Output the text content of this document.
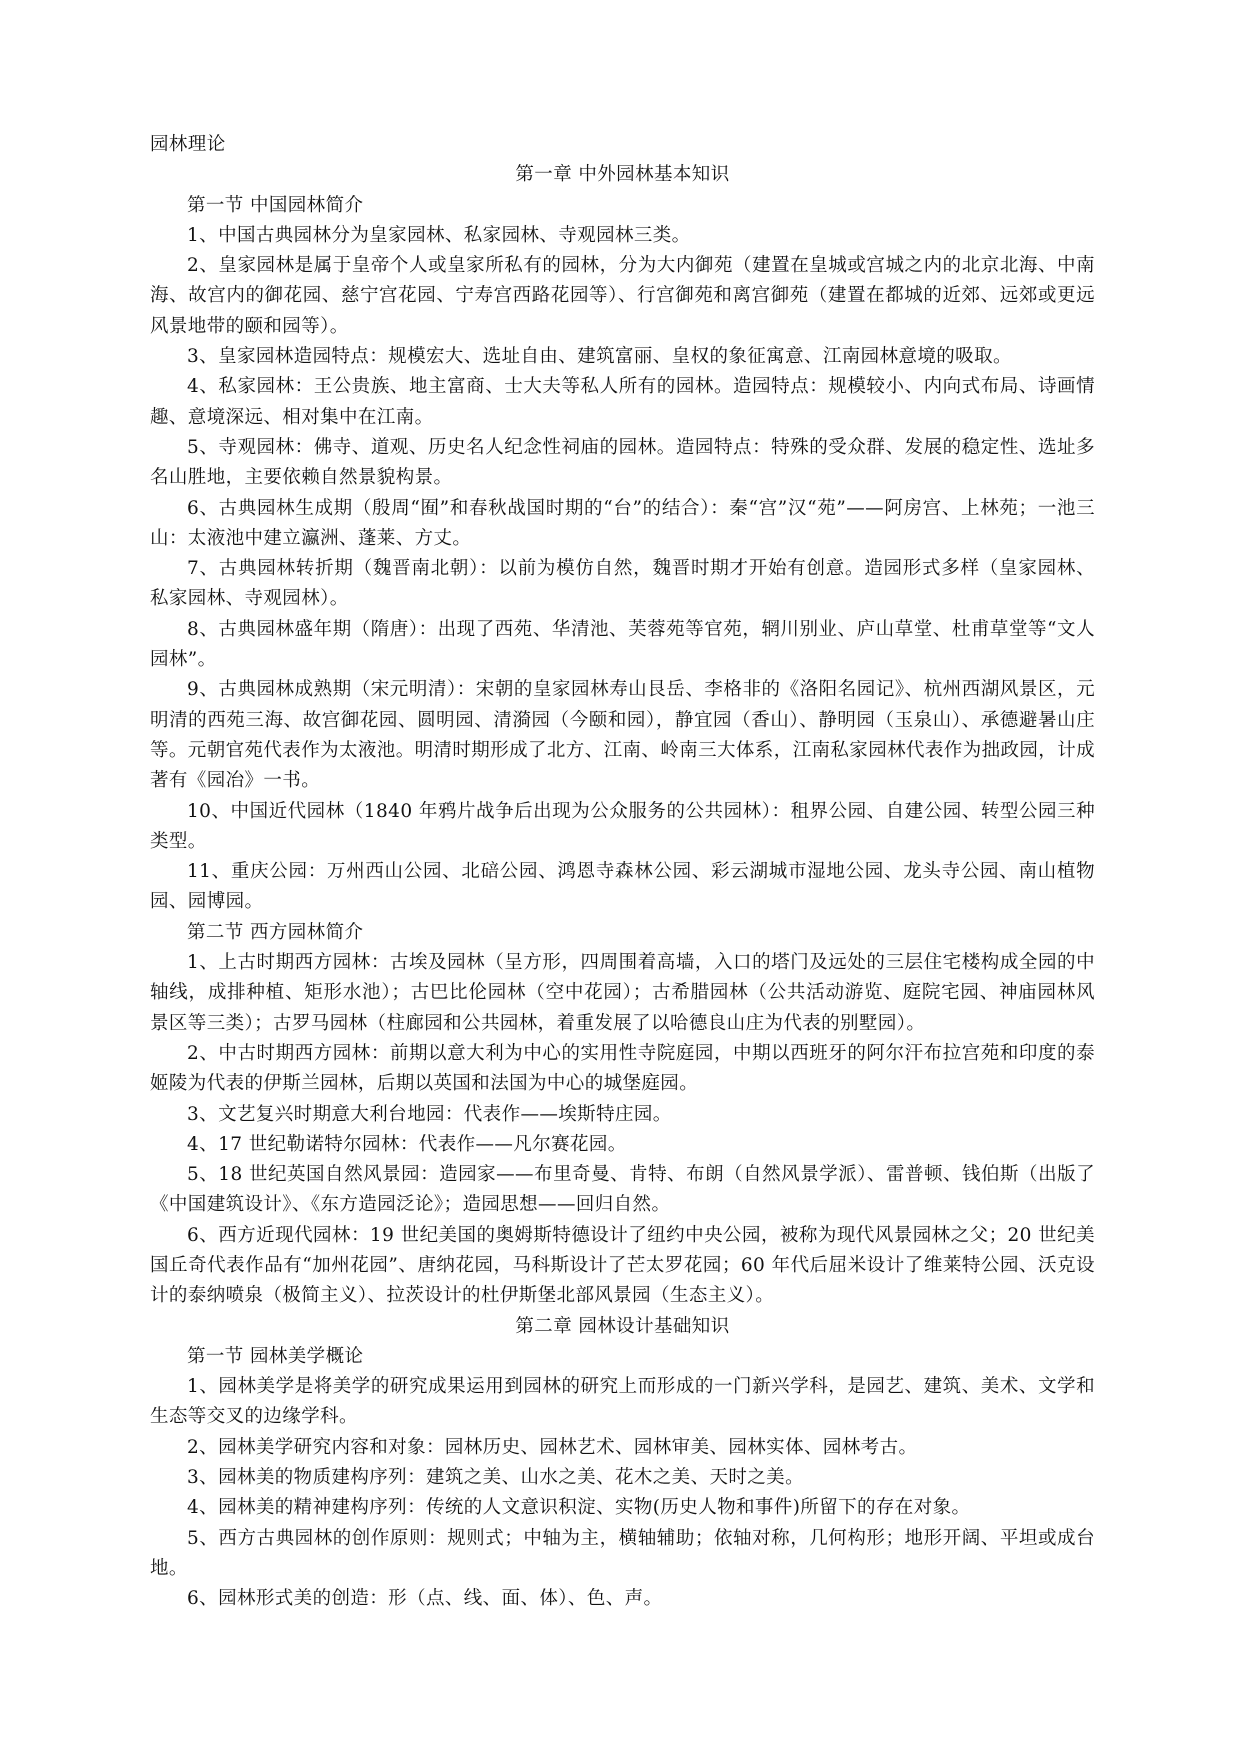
园林理论

第一章 中外园林基本知识

第一节 中国园林简介

1、中国古典园林分为皇家园林、私家园林、寺观园林三类。

2、皇家园林是属于皇帝个人或皇家所私有的园林，分为大内御苑（建置在皇城或宫城之内的北京北海、中南海、故宫内的御花园、慈宁宫花园、宁寿宫西路花园等）、行宫御苑和离宫御苑（建置在都城的近郊、远郊或更远风景地带的颐和园等）。

3、皇家园林造园特点：规模宏大、选址自由、建筑富丽、皇权的象征寓意、江南园林意境的吸取。

4、私家园林：王公贵族、地主富商、士大夫等私人所有的园林。造园特点：规模较小、内向式布局、诗画情趣、意境深远、相对集中在江南。

5、寺观园林：佛寺、道观、历史名人纪念性祠庙的园林。造园特点：特殊的受众群、发展的稳定性、选址多名山胜地，主要依赖自然景貌构景。

6、古典园林生成期（殷周“囿”和春秋战国时期的“台”的结合）：秦“宫”汉“苑”——阿房宫、上林苑；一池三山：太液池中建立瀛洲、蓬莱、方丈。

7、古典园林转折期（魏晋南北朝）：以前为模仿自然，魏晋时期才开始有创意。造园形式多样（皇家园林、私家园林、寺观园林）。

8、古典园林盛年期（隋唐）：出现了西苑、华清池、芙蓉苑等官苑，辋川别业、庐山草堂、杜甫草堂等“文人园林”。

9、古典园林成熟期（宋元明清）：宋朝的皇家园林寿山艮岳、李格非的《洛阳名园记》、杭州西湖风景区，元明清的西苑三海、故宫御花园、圆明园、清漪园（今颐和园），静宜园（香山）、静明园（玉泉山）、承德避暑山庄等。元朝官苑代表作为太液池。明清时期形成了北方、江南、岭南三大体系，江南私家园林代表作为拙政园，计成著有《园冶》一书。

10、中国近代园林（1840 年鸦片战争后出现为公众服务的公共园林）：租界公园、自建公园、转型公园三种类型。

11、重庆公园：万州西山公园、北碚公园、鸿恩寺森林公园、彩云湖城市湿地公园、龙头寺公园、南山植物园、园博园。

第二节 西方园林简介

1、上古时期西方园林：古埃及园林（呈方形，四周围着高墙，入口的塔门及远处的三层住宅楼构成全园的中轴线，成排种植、矩形水池）；古巴比伦园林（空中花园）；古希腊园林（公共活动游览、庭院宅园、神庙园林风景区等三类）；古罗马园林（柱廊园和公共园林，着重发展了以哈德良山庄为代表的别墅园）。

2、中古时期西方园林：前期以意大利为中心的实用性寺院庭园，中期以西班牙的阿尔汗布拉宫苑和印度的泰姬陵为代表的伊斯兰园林，后期以英国和法国为中心的城堡庭园。

3、文艺复兴时期意大利台地园：代表作——埃斯特庄园。

4、17 世纪勒诺特尔园林：代表作——凡尔赛花园。

5、18 世纪英国自然风景园：造园家——布里奇曼、肯特、布朗（自然风景学派）、雷普顿、钱伯斯（出版了《中国建筑设计》、《东方造园泛论》；造园思想——回归自然。

6、西方近现代园林：19 世纪美国的奥姆斯特德设计了纽约中央公园，被称为现代风景园林之父；20 世纪美国丘奇代表作品有“加州花园”、唐纳花园，马科斯设计了芒太罗花园；60 年代后屈米设计了维莱特公园、沃克设计的泰纳喷泉（极简主义）、拉茨设计的杜伊斯堡北部风景园（生态主义）。

第二章 园林设计基础知识

第一节 园林美学概论

1、园林美学是将美学的研究成果运用到园林的研究上而形成的一门新兴学科，是园艺、建筑、美术、文学和生态等交叉的边缘学科。

2、园林美学研究内容和对象：园林历史、园林艺术、园林审美、园林实体、园林考古。

3、园林美的物质建构序列：建筑之美、山水之美、花木之美、天时之美。

4、园林美的精神建构序列：传统的人文意识积淀、实物(历史人物和事件)所留下的存在对象。

5、西方古典园林的创作原则：规则式；中轴为主，横轴辅助；依轴对称，几何构形；地形开阔、平坦或成台地。

6、园林形式美的创造：形（点、线、面、体）、色、声。
